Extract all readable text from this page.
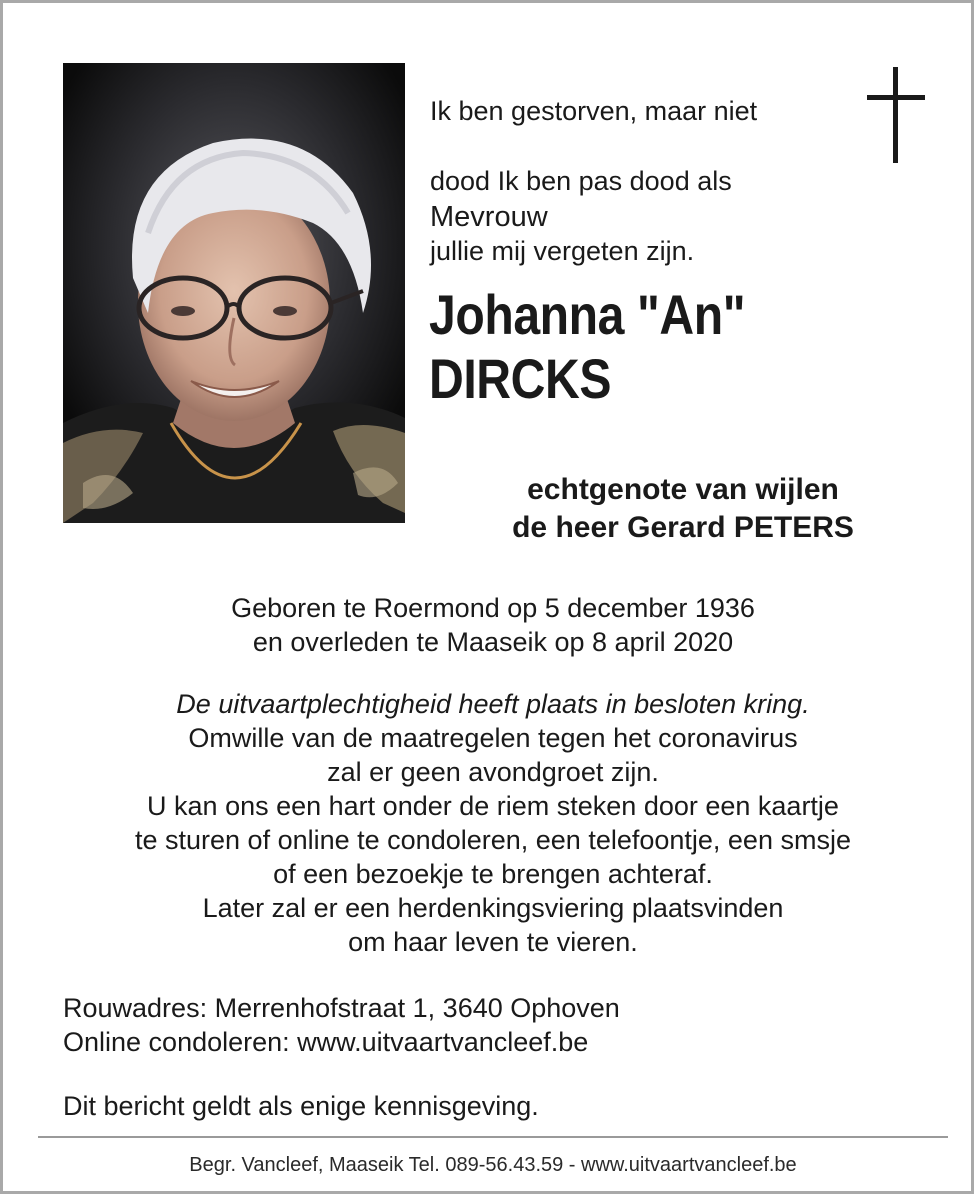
Ik ben gestorven, maar niet

dood Ik ben pas dood als

jullie mij vergeten zijn.

Mevrouw
Johanna "An"
DIRCKS
echtgenote van wijlen
de heer Gerard PETERS
Geboren te Roermond op 5 december 1936
en overleden te Maaseik op 8 april 2020
De uitvaartplechtigheid heeft plaats in besloten kring.
Omwille van de maatregelen tegen het coronavirus
zal er geen avondgroet zijn.
U kan ons een hart onder de riem steken door een kaartje
te sturen of online te condoleren, een telefoontje, een smsje
of een bezoekje te brengen achteraf.
Later zal er een herdenkingsviering plaatsvinden
om haar leven te vieren.
Rouwadres: Merrenhofstraat 1, 3640 Ophoven
Online condoleren: www.uitvaartvancleef.be
Dit bericht geldt als enige kennisgeving.
Begr. Vancleef, Maaseik Tel. 089-56.43.59 - www.uitvaartvancleef.be
